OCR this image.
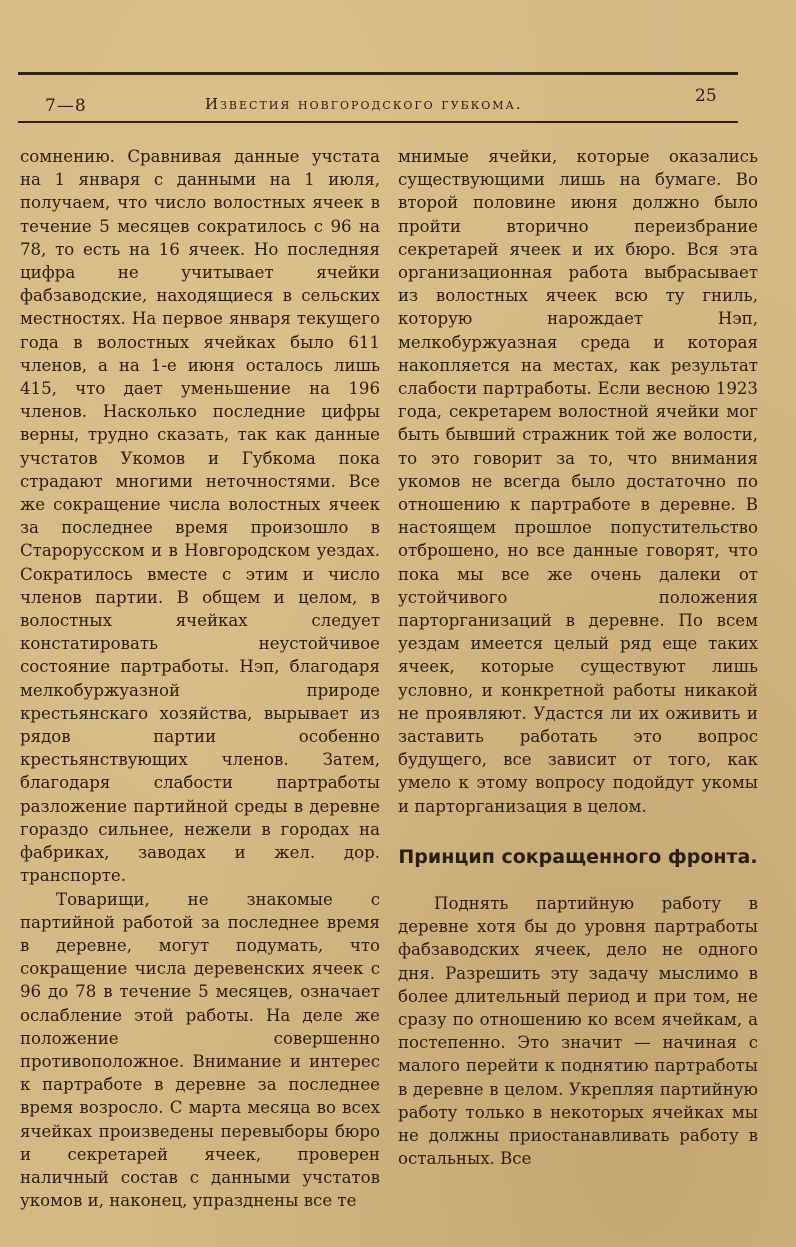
7—8	Известия новгородского губкома.	25

сомнению. Сравнивая данные учстата на 1 января с данными на 1 июля, получаем, что число волостных ячеек в течение 5 месяцев сократилось с 96 на 78, то есть на 16 ячеек. Но последняя цифра не учитывает ячейки фабзаводские, находящиеся в сельских местностях. На первое января текущего года в волостных ячейках было 611 членов, а на 1-е июня осталось лишь 415, что дает уменьшение на 196 членов. Насколько последние цифры верны, трудно сказать, так как данные учстатов Укомов и Губкома пока страдают многими неточностями. Все же сокращение числа волостных ячеек за последнее время произошло в Старорусском и в Новгородском уездах. Сократилось вместе с этим и число членов партии. В общем и целом, в волостных ячейках следует констатировать неустойчивое состояние партработы. Нэп, благодаря мелкобуржуазной природе крестьянскаго хозяйства, вырывает из рядов партии особенно крестьянствующих членов. Затем, благодаря слабости партработы разложение партийной среды в деревне гораздо сильнее, нежели в городах на фабриках, заводах и жел. дор. транспорте.

Товарищи, не знакомые с партийной работой за последнее время в деревне, могут подумать, что сокращение числа деревенских ячеек с 96 до 78 в течение 5 месяцев, означает ослабление этой работы. На деле же положение совершенно противоположное. Внимание и интерес к партработе в деревне за последнее время возросло. С марта месяца во всех ячейках произведены перевыборы бюро и секретарей ячеек, проверен наличный состав с данными учстатов укомов и, наконец, упразднены все те

мнимые ячейки, которые оказались существующими лишь на бумаге. Во второй половине июня должно было пройти вторично переизбрание секретарей ячеек и их бюро. Вся эта организационная работа выбрасывает из волостных ячеек всю ту гниль, которую нарождает Нэп, мелкобуржуазная среда и которая накопляется на местах, как результат слабости партработы. Если весною 1923 года, секретарем волостной ячейки мог быть бывший стражник той же волости, то это говорит за то, что внимания укомов не всегда было достаточно по отношению к партработе в деревне. В настоящем прошлое попустительство отброшено, но все данные говорят, что пока мы все же очень далеки от устойчивого положения парторганизаций в деревне. По всем уездам имеется целый ряд еще таких ячеек, которые существуют лишь условно, и конкретной работы никакой не проявляют. Удастся ли их оживить и заставить работать это вопрос будущего, все зависит от того, как умело к этому вопросу подойдут укомы и парторганизация в целом.

Принцип сокращенного фронта.

Поднять партийную работу в деревне хотя бы до уровня партработы фабзаводских ячеек, дело не одного дня. Разрешить эту задачу мыслимо в более длительный период и при том, не сразу по отношению ко всем ячейкам, а постепенно. Это значит — начиная с малого перейти к поднятию партработы в деревне в целом. Укрепляя партийную работу только в некоторых ячейках мы не должны приостанавливать работу в остальных. Все
